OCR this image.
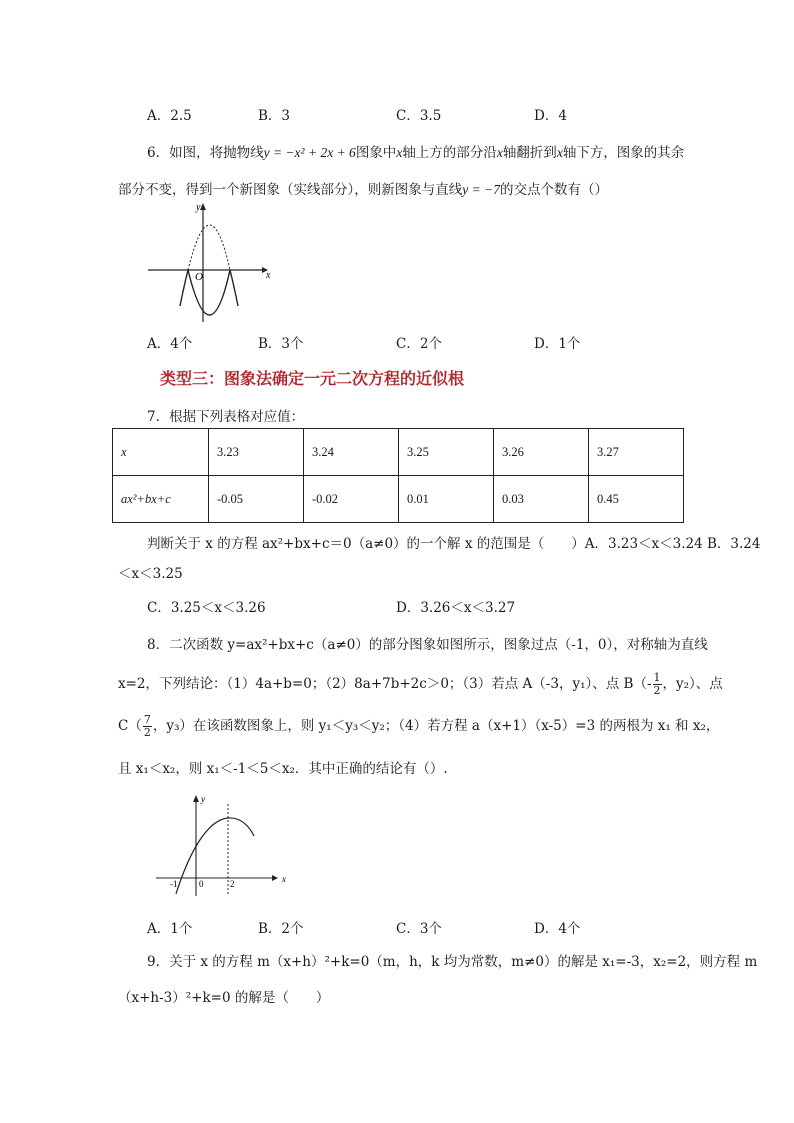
A．2.5	B．3	C．3.5	D．4
6．如图，将抛物线y = −x² + 2x + 6图象中x轴上方的部分沿x轴翻折到x轴下方，图象的其余
部分不变，得到一个新图象（实线部分），则新图象与直线y = −7的交点个数有（）
x
y
O
A．4个	B．3个	C．2个	D．1个
类型三：图象法确定一元二次方程的近似根
7．根据下列表格对应值：
x	3.23	3.24	3.25	3.26	3.27
ax²+bx+c	-0.05	-0.02	0.01	0.03	0.45
判断关于 x 的方程 ax²+bx+c＝0（a≠0）的一个解 x 的范围是（　　）A．3.23＜x＜3.24 B．3.24
＜x＜3.25
C．3.25＜x＜3.26	D．3.26＜x＜3.27
8．二次函数 y=ax²+bx+c（a≠0）的部分图象如图所示，图象过点（-1，0），对称轴为直线
x=2，下列结论：（1）4a+b=0；（2）8a+7b+2c＞0；（3）若点 A（-3，y₁）、点 $B(- \frac{1}{2}$ ，y₂）、点
$C( \frac{7}{2}$ ，y₃）在该函数图象上，则 y₁＜y₃＜y₂；（4）若方程 a（x+1）（x-5）=3 的两根为 x₁ 和 x₂，
且 x₁＜x₂，则 x₁＜-1＜5＜x₂．其中正确的结论有（）.
x
y
-1 0	2
A．1个	B．2个	C．3个	D．4个
9．关于 x 的方程 m（x+h）²+k=0（m，h，k 均为常数，m≠0）的解是 x₁=-3，x₂=2，则方程 m
（x+h-3）²+k=0 的解是（　　）
